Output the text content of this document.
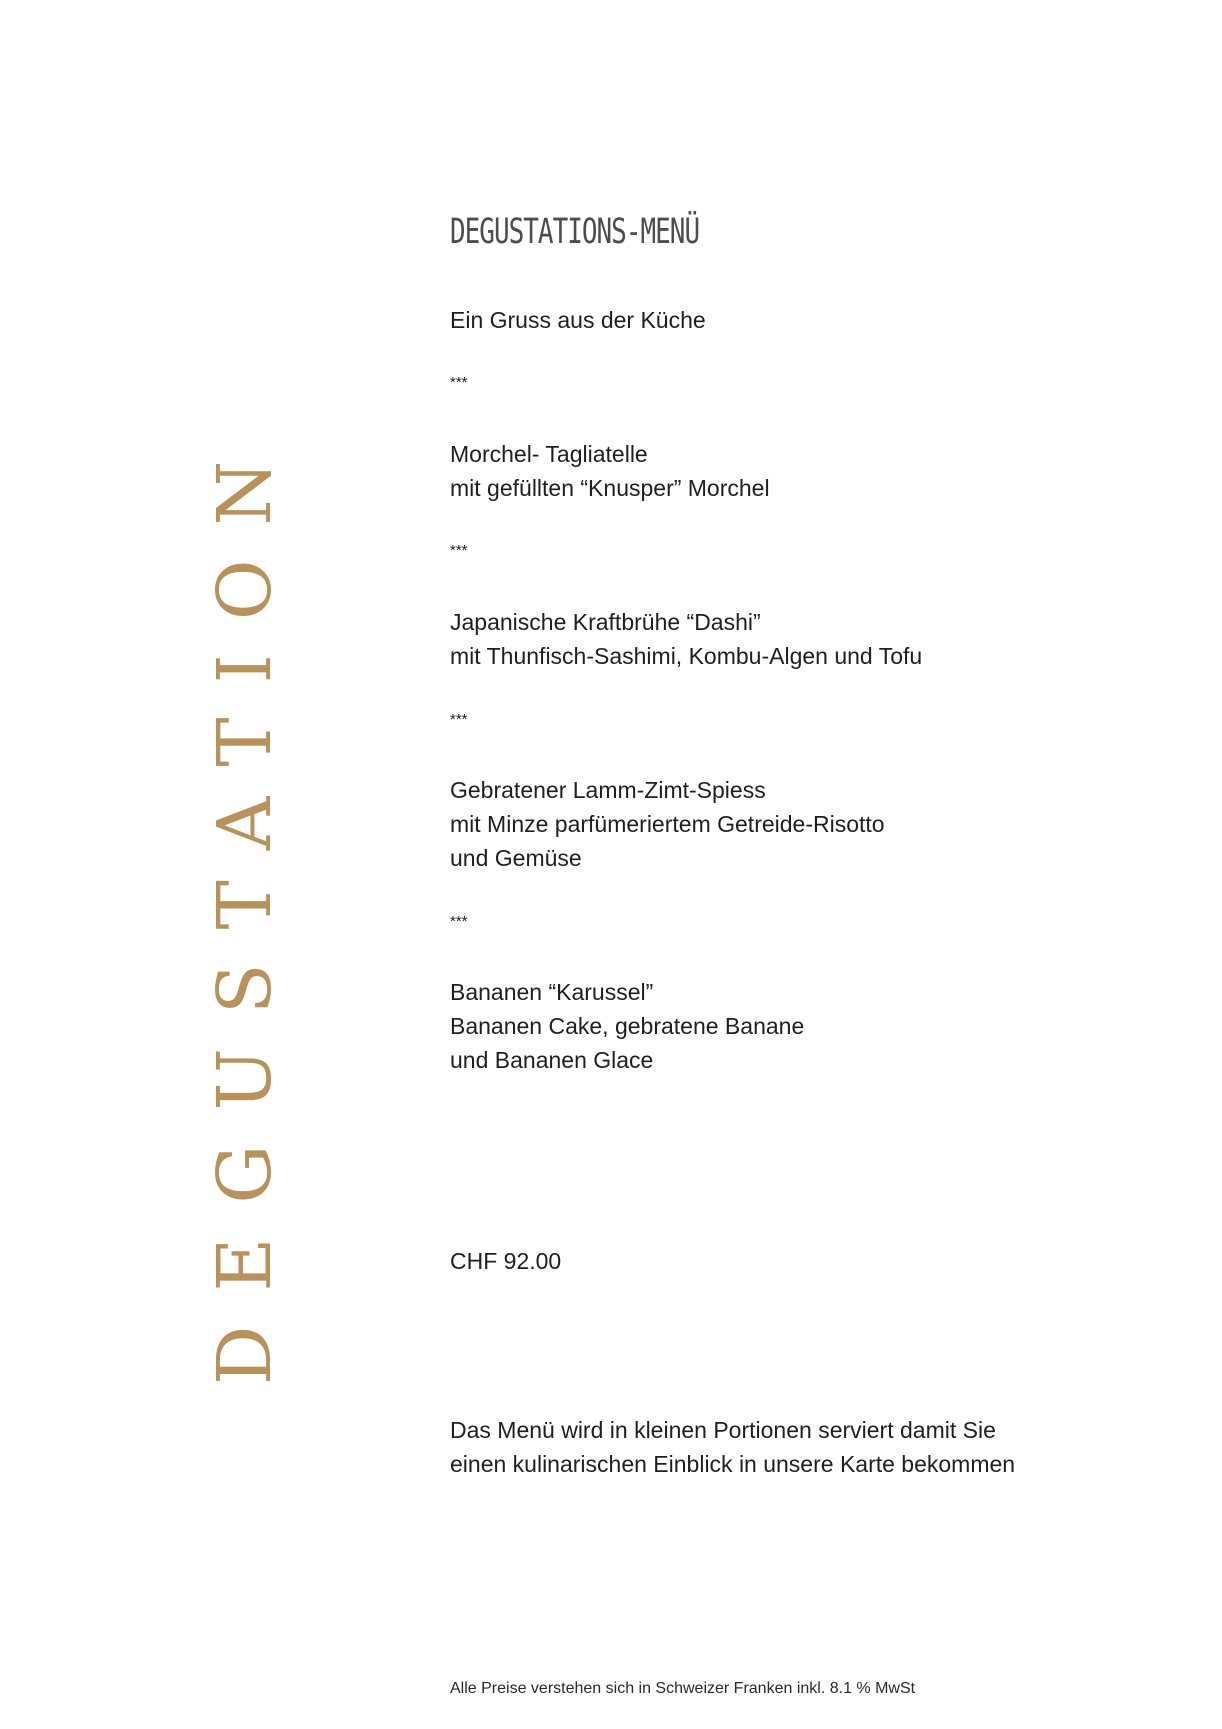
DEGUSTATION
DEGUSTATIONS-MENÜ
Ein Gruss aus der Küche
***
Morchel- Tagliatelle
mit gefüllten “Knusper” Morchel
***
Japanische Kraftbrühe “Dashi”
mit Thunfisch-Sashimi, Kombu-Algen und Tofu
***
Gebratener Lamm-Zimt-Spiess
mit Minze parfümeriertem Getreide-Risotto
und Gemüse
***
Bananen “Karussel”
Bananen Cake, gebratene Banane
und Bananen Glace
CHF 92.00
Das Menü wird in kleinen Portionen serviert damit Sie
einen kulinarischen Einblick in unsere Karte bekommen
Alle Preise verstehen sich in Schweizer Franken inkl. 8.1 % MwSt
